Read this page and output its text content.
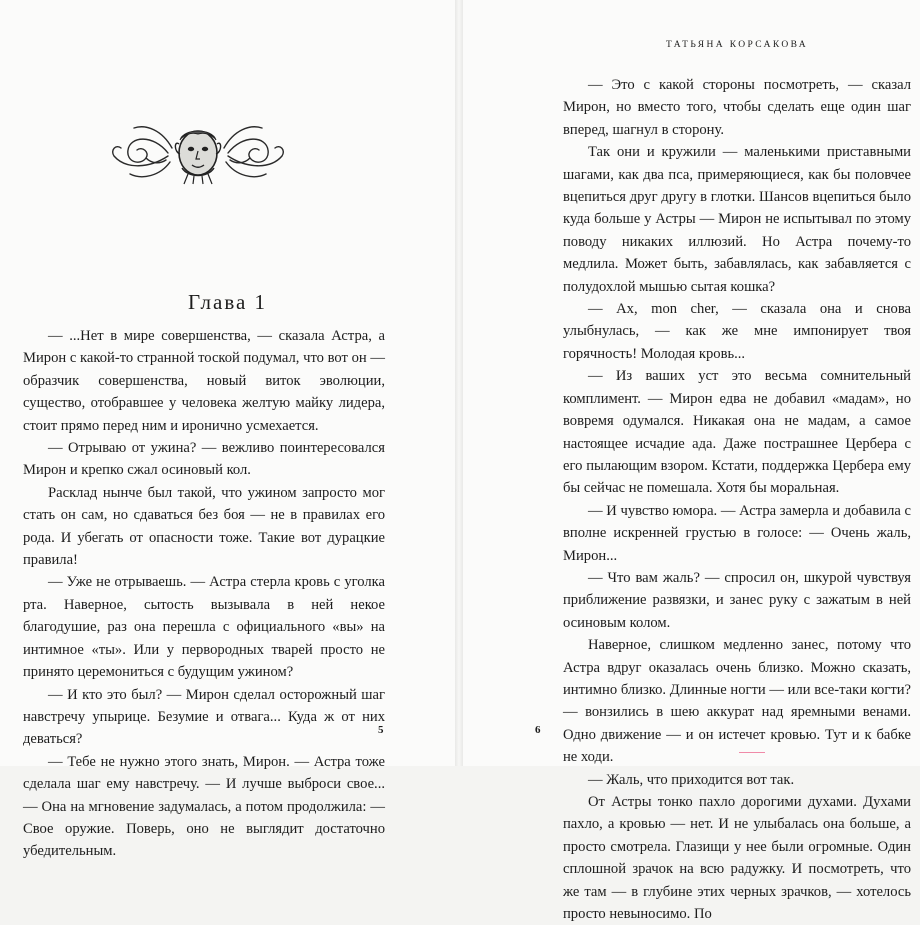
Глава 1

— ...Нет в мире совершенства, — сказала Астра, а Мирон с какой-то странной тоской подумал, что вот он — образчик совершенства, новый виток эволюции, существо, отобравшее у человека желтую майку лидера, стоит прямо перед ним и иронично усмехается.

— Отрываю от ужина? — вежливо поинтересовался Мирон и крепко сжал осиновый кол.

Расклад нынче был такой, что ужином запросто мог стать он сам, но сдаваться без боя — не в правилах его рода. И убегать от опасности тоже. Такие вот дурацкие правила!

— Уже не отрываешь. — Астра стерла кровь с уголка рта. Наверное, сытость вызывала в ней некое благодушие, раз она перешла с официального «вы» на интимное «ты». Или у первородных тварей просто не принято церемониться с будущим ужином?

— И кто это был? — Мирон сделал осторожный шаг навстречу упырице. Безумие и отвага... Куда ж от них деваться?

— Тебе не нужно этого знать, Мирон. — Астра тоже сделала шаг ему навстречу. — И лучше выброси свое... — Она на мгновение задумалась, а потом продолжила: — Свое оружие. Поверь, оно не выглядит достаточно убедительным.

5
ТАТЬЯНА КОРСАКОВА

— Это с какой стороны посмотреть, — сказал Мирон, но вместо того, чтобы сделать еще один шаг вперед, шагнул в сторону.

Так они и кружили — маленькими приставными шагами, как два пса, примеряющиеся, как бы половчее вцепиться друг другу в глотки. Шансов вцепиться было куда больше у Астры — Мирон не испытывал по этому поводу никаких иллюзий. Но Астра почему-то медлила. Может быть, забавлялась, как забавляется с полудохлой мышью сытая кошка?

— Ах, mon cher, — сказала она и снова улыбнулась, — как же мне импонирует твоя горячность! Молодая кровь...

— Из ваших уст это весьма сомнительный комплимент. — Мирон едва не добавил «мадам», но вовремя одумался. Никакая она не мадам, а самое настоящее исчадие ада. Даже пострашнее Цербера с его пылающим взором. Кстати, поддержка Цербера ему бы сейчас не помешала. Хотя бы моральная.

— И чувство юмора. — Астра замерла и добавила с вполне искренней грустью в голосе: — Очень жаль, Мирон...

— Что вам жаль? — спросил он, шкурой чувствуя приближение развязки, и занес руку с зажатым в ней осиновым колом.

Наверное, слишком медленно занес, потому что Астра вдруг оказалась очень близко. Можно сказать, интимно близко. Длинные ногти — или все-таки когти? — вонзились в шею аккурат над яремными венами. Одно движение — и он истечет кровью. Тут и к бабке не ходи.

— Жаль, что приходится вот так.

От Астры тонко пахло дорогими духами. Духами пахло, а кровью — нет. И не улыбалась она больше, а просто смотрела. Глазищи у нее были огромные. Один сплошной зрачок на всю радужку. И посмотреть, что же там — в глубине этих черных зрачков, — хотелось просто невыносимо. По

6
